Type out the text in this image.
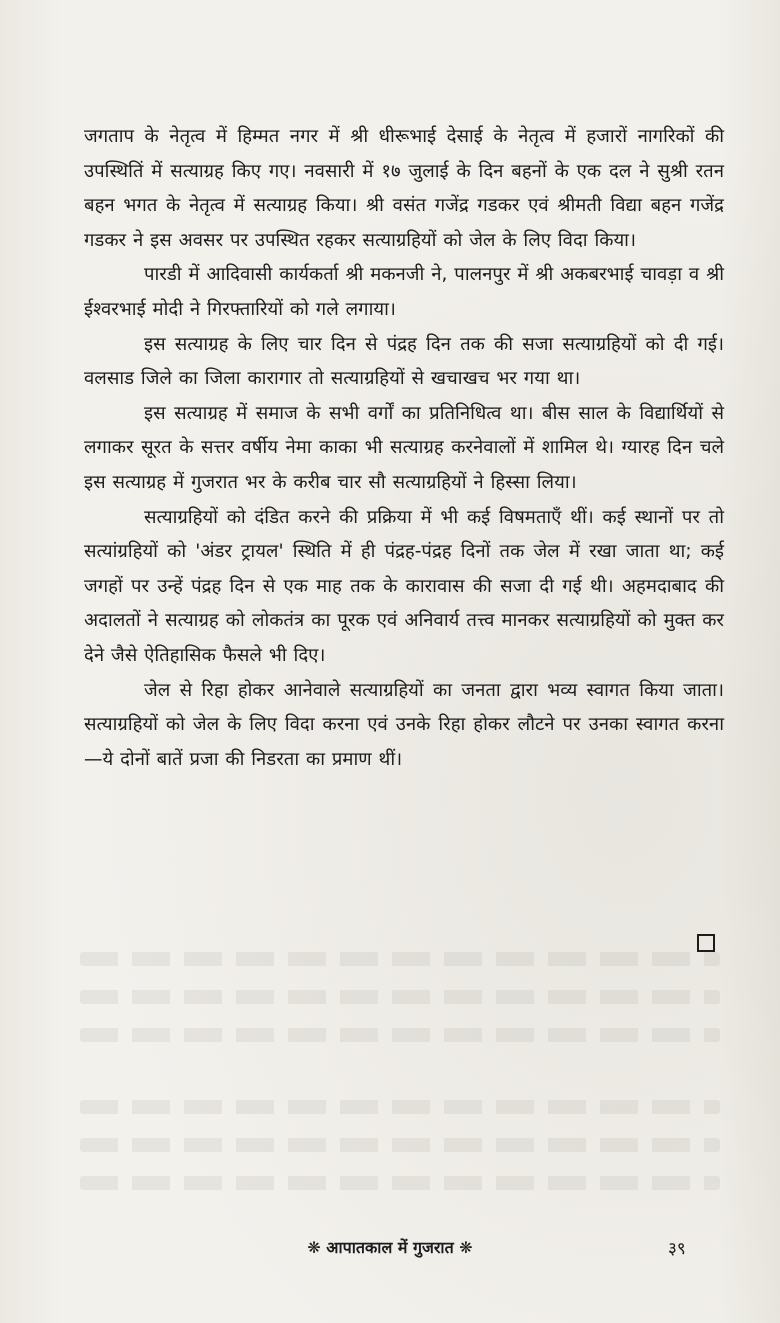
जगताप के नेतृत्व में हिम्मत नगर में श्री धीरूभाई देसाई के नेतृत्व में हजारों नागरिकों की उपस्थितिं में सत्याग्रह किए गए। नवसारी में १७ जुलाई के दिन बहनों के एक दल ने सुश्री रतन बहन भगत के नेतृत्व में सत्याग्रह किया। श्री वसंत गजेंद्र गडकर एवं श्रीमती विद्या बहन गजेंद्र गडकर ने इस अवसर पर उपस्थित रहकर सत्याग्रहियों को जेल के लिए विदा किया।

पारडी में आदिवासी कार्यकर्ता श्री मकनजी ने, पालनपुर में श्री अकबरभाई चावड़ा व श्री ईश्वरभाई मोदी ने गिरफ्तारियों को गले लगाया।

इस सत्याग्रह के लिए चार दिन से पंद्रह दिन तक की सजा सत्याग्रहियों को दी गई। वलसाड जिले का जिला कारागार तो सत्याग्रहियों से खचाखच भर गया था।

इस सत्याग्रह में समाज के सभी वर्गों का प्रतिनिधित्व था। बीस साल के विद्यार्थियों से लगाकर सूरत के सत्तर वर्षीय नेमा काका भी सत्याग्रह करनेवालों में शामिल थे। ग्यारह दिन चले इस सत्याग्रह में गुजरात भर के करीब चार सौ सत्याग्रहियों ने हिस्सा लिया।

सत्याग्रहियों को दंडित करने की प्रक्रिया में भी कई विषमताएँ थीं। कई स्थानों पर तो सत्यांग्रहियों को 'अंडर ट्रायल' स्थिति में ही पंद्रह-पंद्रह दिनों तक जेल में रखा जाता था; कई जगहों पर उन्हें पंद्रह दिन से एक माह तक के कारावास की सजा दी गई थी। अहमदाबाद की अदालतों ने सत्याग्रह को लोकतंत्र का पूरक एवं अनिवार्य तत्त्व मानकर सत्याग्रहियों को मुक्त कर देने जैसे ऐतिहासिक फैसले भी दिए।

जेल से रिहा होकर आनेवाले सत्याग्रहियों का जनता द्वारा भव्य स्वागत किया जाता। सत्याग्रहियों को जेल के लिए विदा करना एवं उनके रिहा होकर लौटने पर उनका स्वागत करना—ये दोनों बातें प्रजा की निडरता का प्रमाण थीं।

❋ आपातकाल में गुजरात ❋	३९
